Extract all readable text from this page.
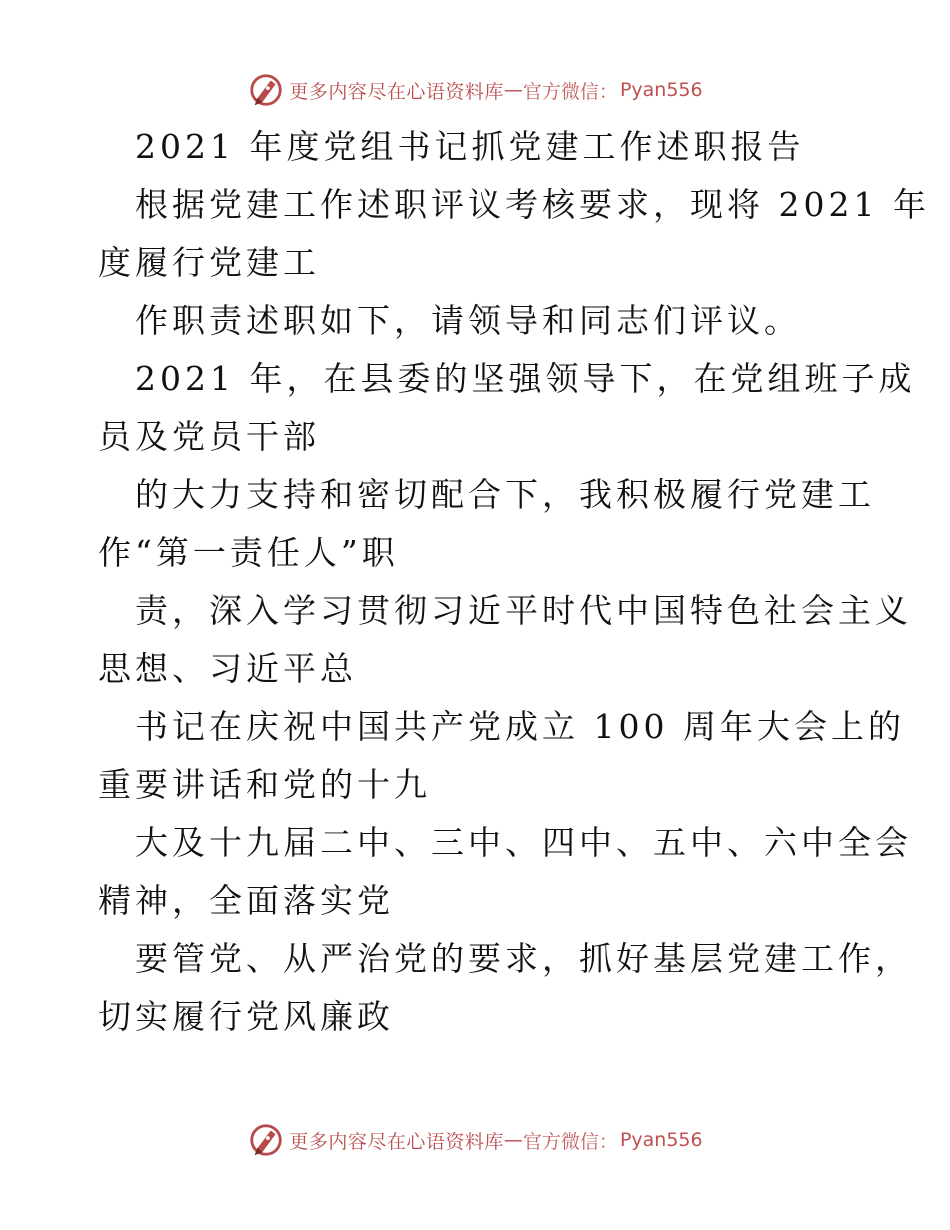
更多内容尽在心语资料库 — 官方微信： Pyan556
2021 年度党组书记抓党建工作述职报告
根据党建工作述职评议考核要求，现将 2021 年
度履行党建工
作职责述职如下，请领导和同志们评议。
2021 年，在县委的坚强领导下，在党组班子成
员及党员干部
的大力支持和密切配合下，我积极履行党建工
作“第一责任人”职
责，深入学习贯彻习近平时代中国特色社会主义
思想、习近平总
书记在庆祝中国共产党成立 100 周年大会上的
重要讲话和党的十九
大及十九届二中、三中、四中、五中、六中全会
精神，全面落实党
要管党、从严治党的要求，抓好基层党建工作，
切实履行党风廉政
更多内容尽在心语资料库 — 官方微信： Pyan556
